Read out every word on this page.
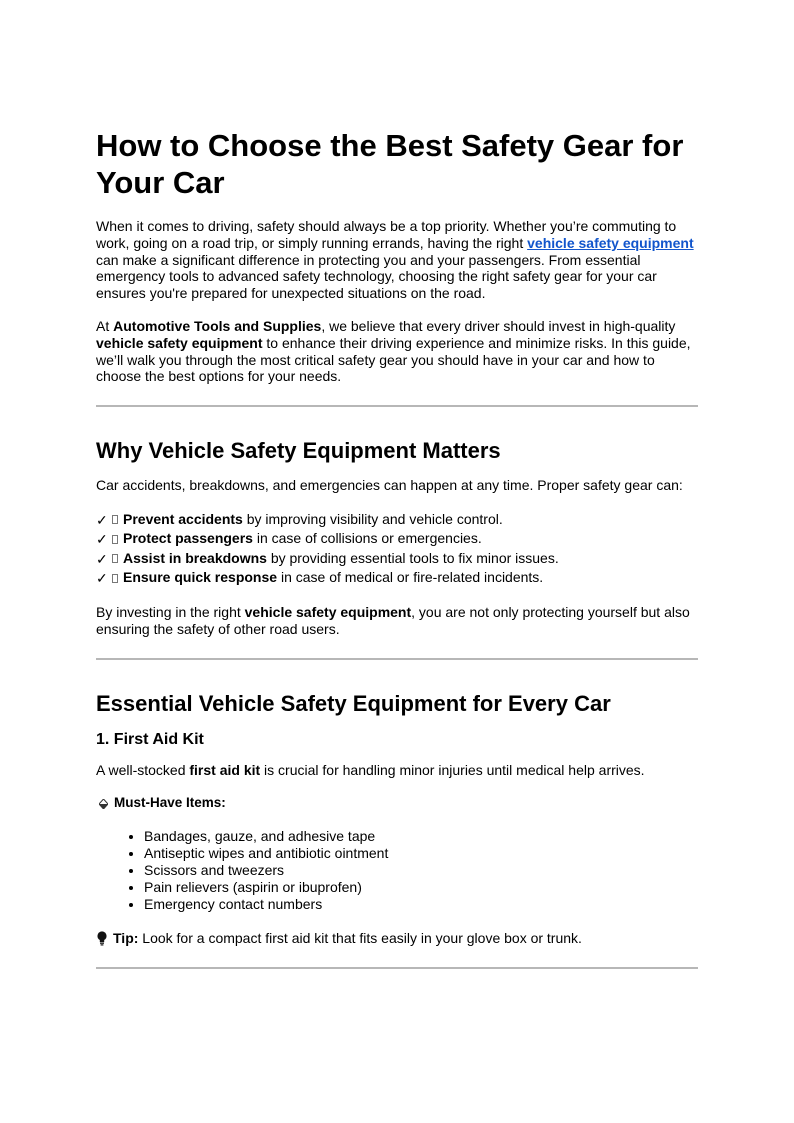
How to Choose the Best Safety Gear for Your Car

When it comes to driving, safety should always be a top priority. Whether you’re commuting to work, going on a road trip, or simply running errands, having the right vehicle safety equipment can make a significant difference in protecting you and your passengers. From essential emergency tools to advanced safety technology, choosing the right safety gear for your car ensures you're prepared for unexpected situations on the road.

At Automotive Tools and Supplies, we believe that every driver should invest in high-quality vehicle safety equipment to enhance their driving experience and minimize risks. In this guide, we’ll walk you through the most critical safety gear you should have in your car and how to choose the best options for your needs.

Why Vehicle Safety Equipment Matters

Car accidents, breakdowns, and emergencies can happen at any time. Proper safety gear can:

✓ Prevent accidents by improving visibility and vehicle control.
✓ Protect passengers in case of collisions or emergencies.
✓ Assist in breakdowns by providing essential tools to fix minor issues.
✓ Ensure quick response in case of medical or fire-related incidents.

By investing in the right vehicle safety equipment, you are not only protecting yourself but also ensuring the safety of other road users.

Essential Vehicle Safety Equipment for Every Car
1. First Aid Kit

A well-stocked first aid kit is crucial for handling minor injuries until medical help arrives.

Must-Have Items:
• Bandages, gauze, and adhesive tape
• Antiseptic wipes and antibiotic ointment
• Scissors and tweezers
• Pain relievers (aspirin or ibuprofen)
• Emergency contact numbers
Tip: Look for a compact first aid kit that fits easily in your glove box or trunk.
